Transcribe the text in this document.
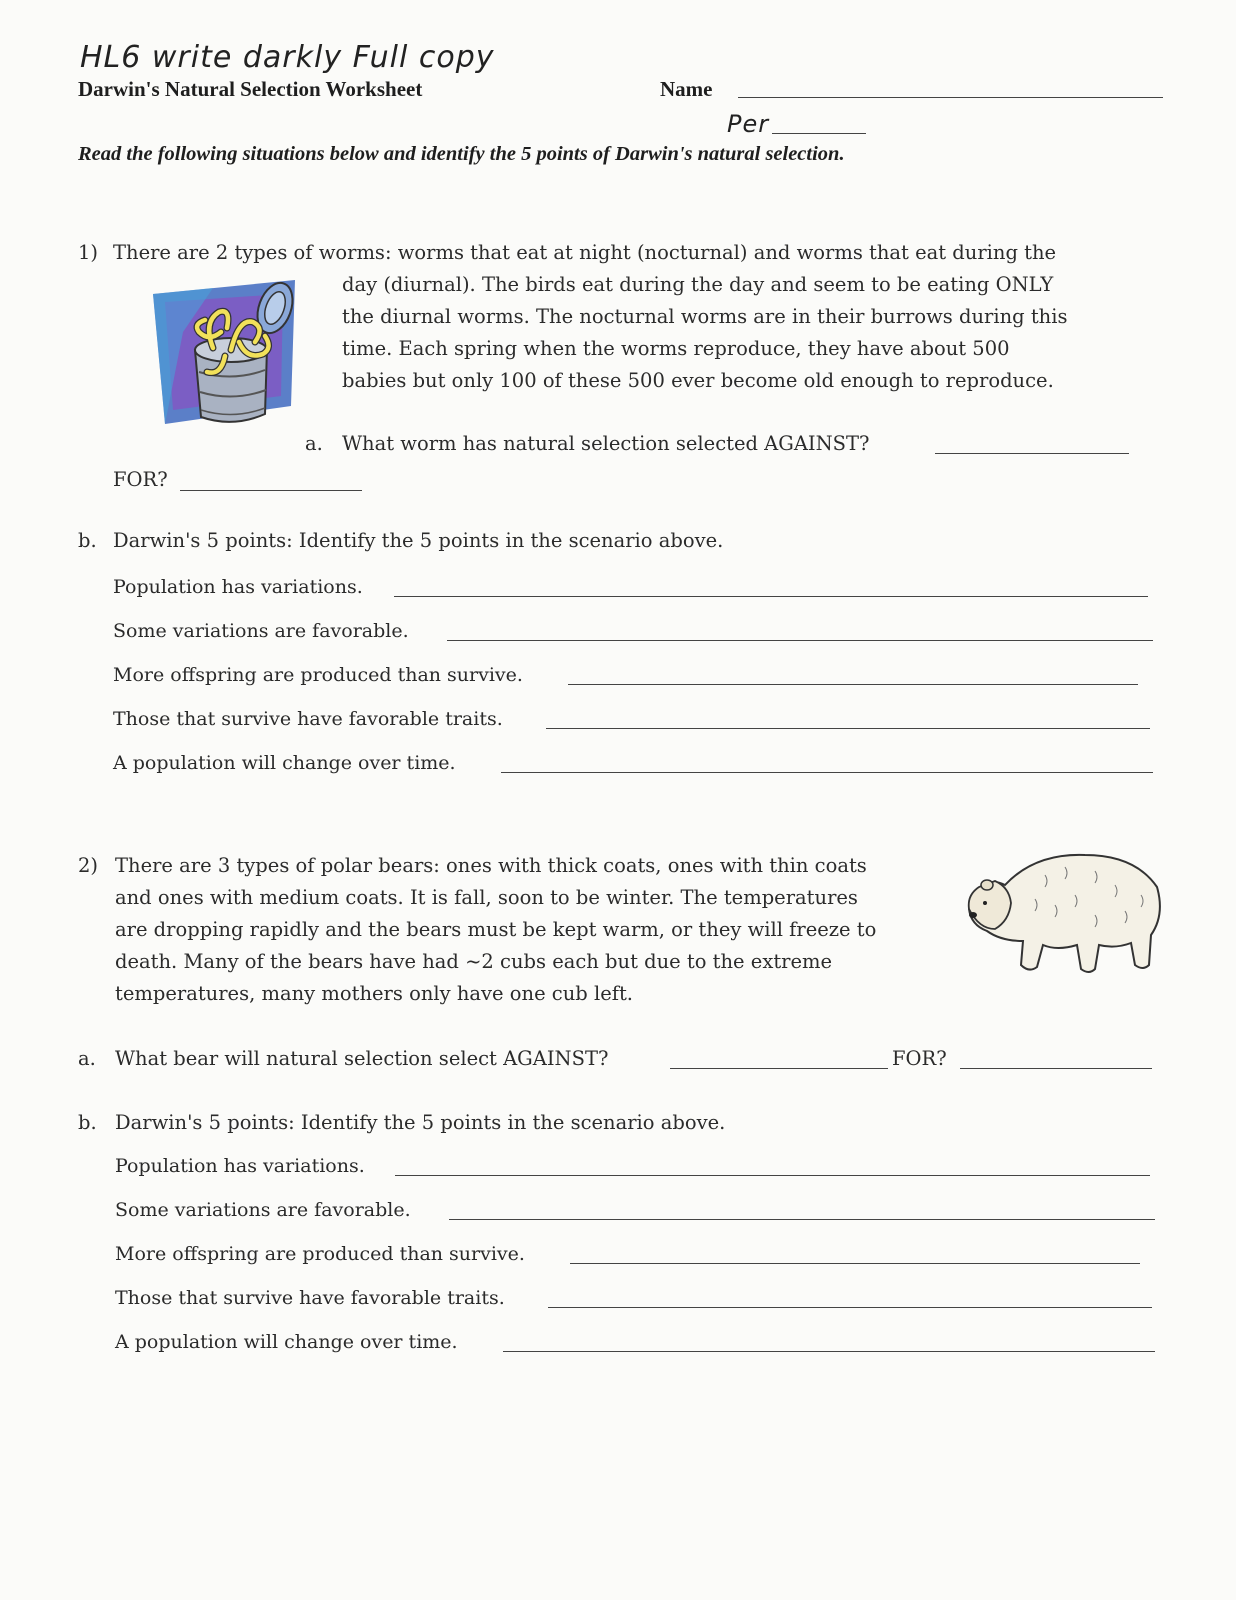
HL6 write darkly Full copy
Darwin's Natural Selection Worksheet	Name
Per
Read the following situations below and identify the 5 points of Darwin's natural selection.
1) There are 2 types of worms: worms that eat at night (nocturnal) and worms that eat during the
day (diurnal). The birds eat during the day and seem to be eating ONLY
the diurnal worms. The nocturnal worms are in their burrows during this
time. Each spring when the worms reproduce, they have about 500
babies but only 100 of these 500 ever become old enough to reproduce.
a. What worm has natural selection selected AGAINST?
FOR?
b. Darwin's 5 points: Identify the 5 points in the scenario above.
Population has variations.
Some variations are favorable.
More offspring are produced than survive.
Those that survive have favorable traits.
A population will change over time.
2) There are 3 types of polar bears: ones with thick coats, ones with thin coats
and ones with medium coats. It is fall, soon to be winter. The temperatures
are dropping rapidly and the bears must be kept warm, or they will freeze to
death. Many of the bears have had ~2 cubs each but due to the extreme
temperatures, many mothers only have one cub left.
a. What bear will natural selection select AGAINST?	FOR?
b. Darwin's 5 points: Identify the 5 points in the scenario above.
Population has variations.
Some variations are favorable.
More offspring are produced than survive.
Those that survive have favorable traits.
A population will change over time.
